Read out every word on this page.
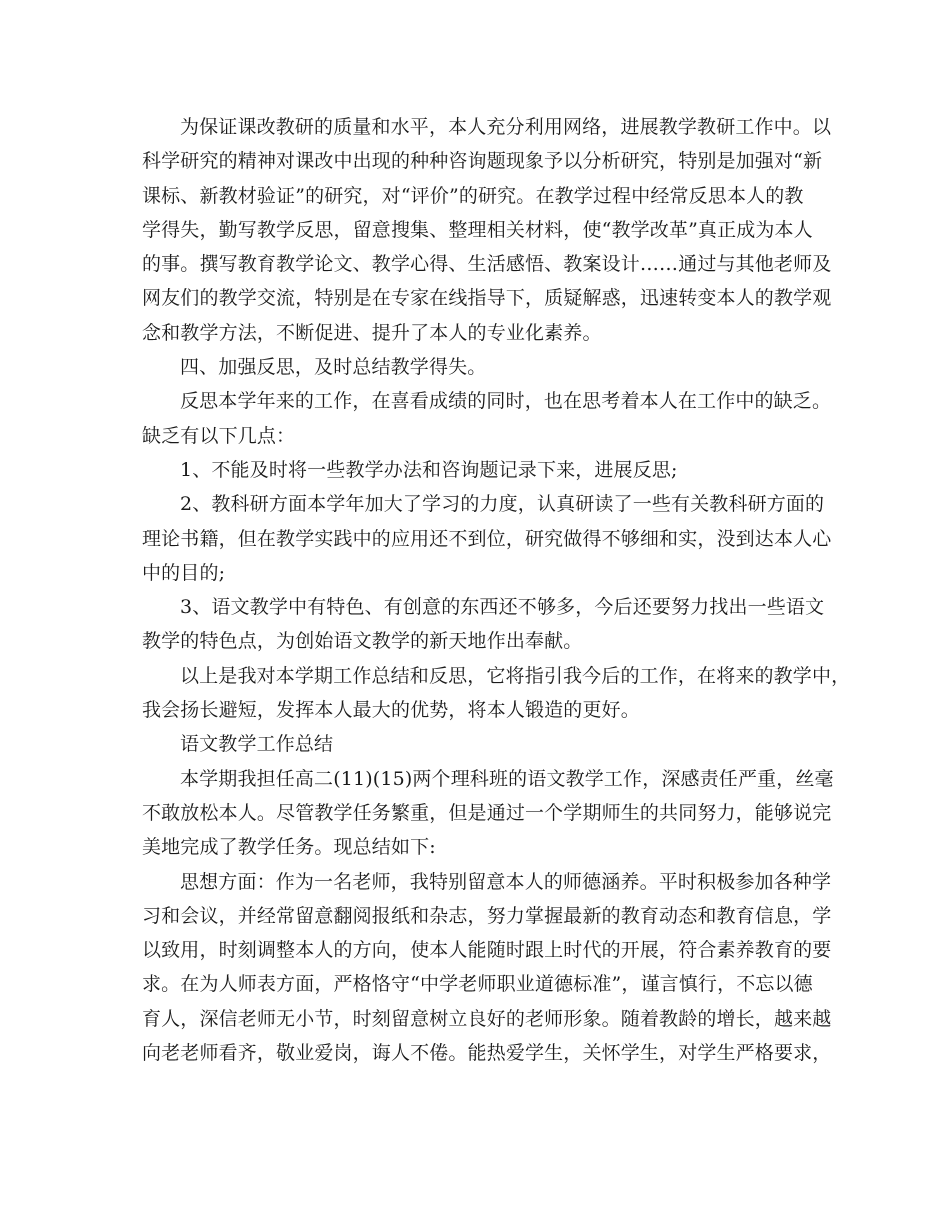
为保证课改教研的质量和水平，本人充分利用网络，进展教学教研工作中。以
科学研究的精神对课改中出现的种种咨询题现象予以分析研究，特别是加强对“新
课标、新教材验证”的研究，对“评价”的研究。在教学过程中经常反思本人的教
学得失，勤写教学反思，留意搜集、整理相关材料，使“教学改革”真正成为本人
的事。撰写教育教学论文、教学心得、生活感悟、教案设计……通过与其他老师及
网友们的教学交流，特别是在专家在线指导下，质疑解惑，迅速转变本人的教学观
念和教学方法，不断促进、提升了本人的专业化素养。
四、加强反思，及时总结教学得失。
反思本学年来的工作，在喜看成绩的同时，也在思考着本人在工作中的缺乏。
缺乏有以下几点：
1、不能及时将一些教学办法和咨询题记录下来，进展反思;
2、教科研方面本学年加大了学习的力度，认真研读了一些有关教科研方面的
理论书籍，但在教学实践中的应用还不到位，研究做得不够细和实，没到达本人心
中的目的;
3、语文教学中有特色、有创意的东西还不够多，今后还要努力找出一些语文
教学的特色点，为创始语文教学的新天地作出奉献。
以上是我对本学期工作总结和反思，它将指引我今后的工作，在将来的教学中，
我会扬长避短，发挥本人最大的优势，将本人锻造的更好。
语文教学工作总结
本学期我担任高二(11)(15)两个理科班的语文教学工作，深感责任严重，丝毫
不敢放松本人。尽管教学任务繁重，但是通过一个学期师生的共同努力，能够说完
美地完成了教学任务。现总结如下:
思想方面：作为一名老师，我特别留意本人的师德涵养。平时积极参加各种学
习和会议，并经常留意翻阅报纸和杂志，努力掌握最新的教育动态和教育信息，学
以致用，时刻调整本人的方向，使本人能随时跟上时代的开展，符合素养教育的要
求。在为人师表方面，严格恪守“中学老师职业道德标准”，谨言慎行，不忘以德
育人，深信老师无小节，时刻留意树立良好的老师形象。随着教龄的增长，越来越
向老老师看齐，敬业爱岗，诲人不倦。能热爱学生，关怀学生，对学生严格要求，
